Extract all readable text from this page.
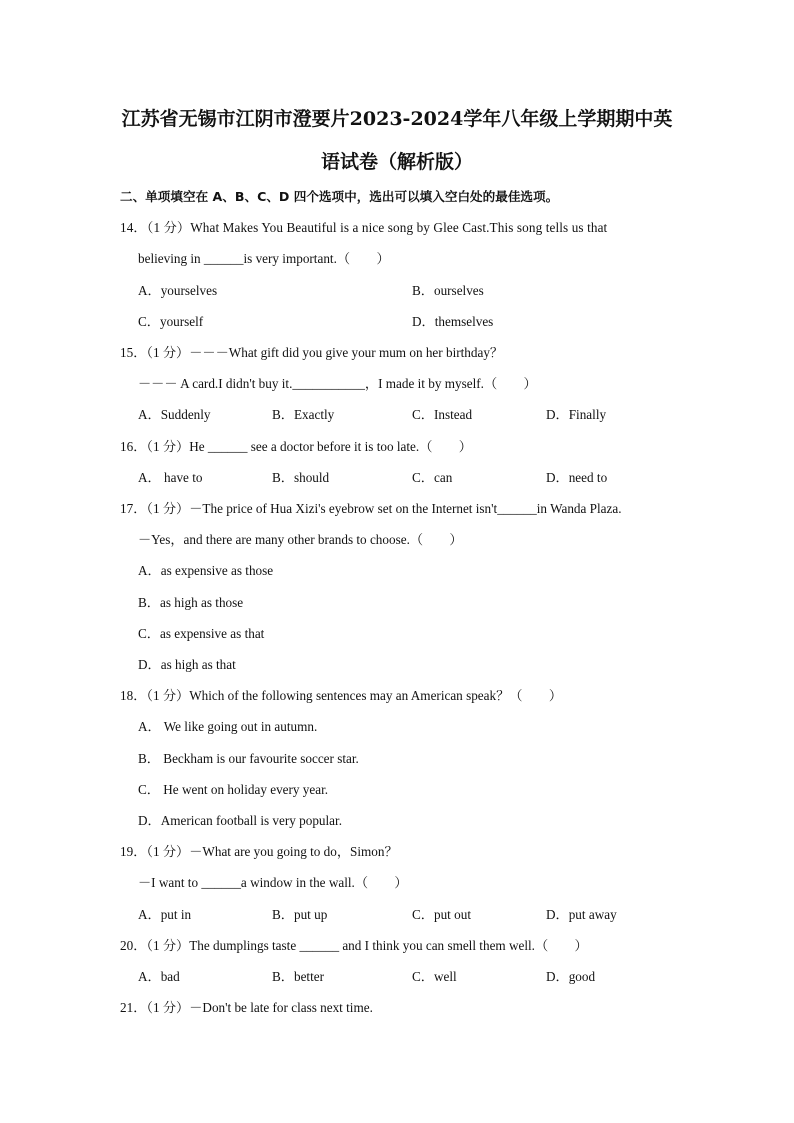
江苏省无锡市江阴市澄要片2023-2024学年八年级上学期期中英
语试卷（解析版）
二、单项填空在 A、B、C、D 四个选项中，选出可以填入空白处的最佳选项。
14．（1 分）What Makes You Beautiful is a nice song by Glee Cast.This song tells us that
believing in ______is very important.（　　）
A．yourselves	B．ourselves
C．yourself	D．themselves
15．（1 分）－－－What gift did you give your mum on her birthday？
－－－ A card.I didn't buy it.___________，I made it by myself.（　　）
A．Suddenly	B．Exactly	C．Instead	D．Finally
16．（1 分）He ______ see a doctor before it is too late.（　　）
A． have to	B．should	C．can	D．need to
17．（1 分）－The price of Hua Xizi's eyebrow set on the Internet isn't______in Wanda Plaza.
－Yes，and there are many other brands to choose.（　　）
A．as expensive as those
B．as high as those
C．as expensive as that
D．as high as that
18．（1 分）Which of the following sentences may an American speak？（　　）
A． We like going out in autumn.
B． Beckham is our favourite soccer star.
C． He went on holiday every year.
D．American football is very popular.
19．（1 分）－What are you going to do，Simon？
－I want to ______a window in the wall.（　　）
A．put in	B．put up	C．put out	D．put away
20．（1 分）The dumplings taste ______ and I think you can smell them well.（　　）
A．bad	B．better	C．well	D．good
21．（1 分）－Don't be late for class next time.
